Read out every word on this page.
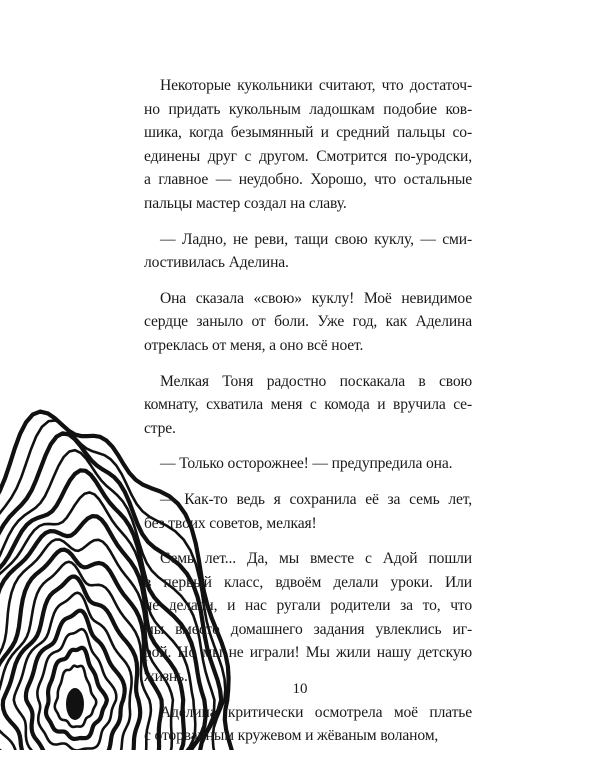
Некоторые кукольники считают, что достаточ-
но придать кукольным ладошкам подобие ков-
шика, когда безымянный и средний пальцы со-
единены друг с другом. Смотрится по-уродски,
а главное — неудобно. Хорошо, что остальные
пальцы мастер создал на славу.
— Ладно, не реви, тащи свою куклу, — сми-
лостивилась Аделина.
Она сказала «свою» куклу! Моё невидимое
сердце заныло от боли. Уже год, как Аделина
отреклась от меня, а оно всё ноет.
Мелкая Тоня радостно поскакала в свою
комнату, схватила меня с комода и вручила се-
стре.
— Только осторожнее! — предупредила она.
— Как-то ведь я сохранила её за семь лет,
без твоих советов, мелкая!
Семь лет... Да, мы вместе с Адой пошли
в первый класс, вдвоём делали уроки. Или
не делали, и нас ругали родители за то, что
мы вместо домашнего задания увлеклись иг-
рой. Но мы не играли! Мы жили нашу детскую
жизнь.
Аделина критически осмотрела моё платье
с оторванным кружевом и жёваным воланом,
10
